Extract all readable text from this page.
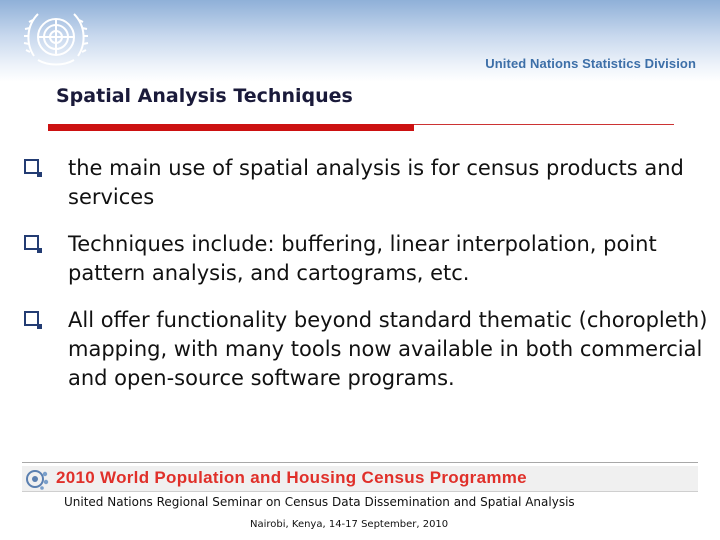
United Nations Statistics Division
Spatial Analysis Techniques
the main use of spatial analysis is for census products and services
Techniques include: buffering, linear interpolation, point pattern analysis, and cartograms, etc.
All offer functionality beyond standard thematic (choropleth) mapping, with many tools now available in both commercial and open-source software programs.
2010 World Population and Housing Census Programme
United Nations Regional Seminar on Census Data Dissemination and Spatial Analysis
Nairobi, Kenya, 14-17 September, 2010
